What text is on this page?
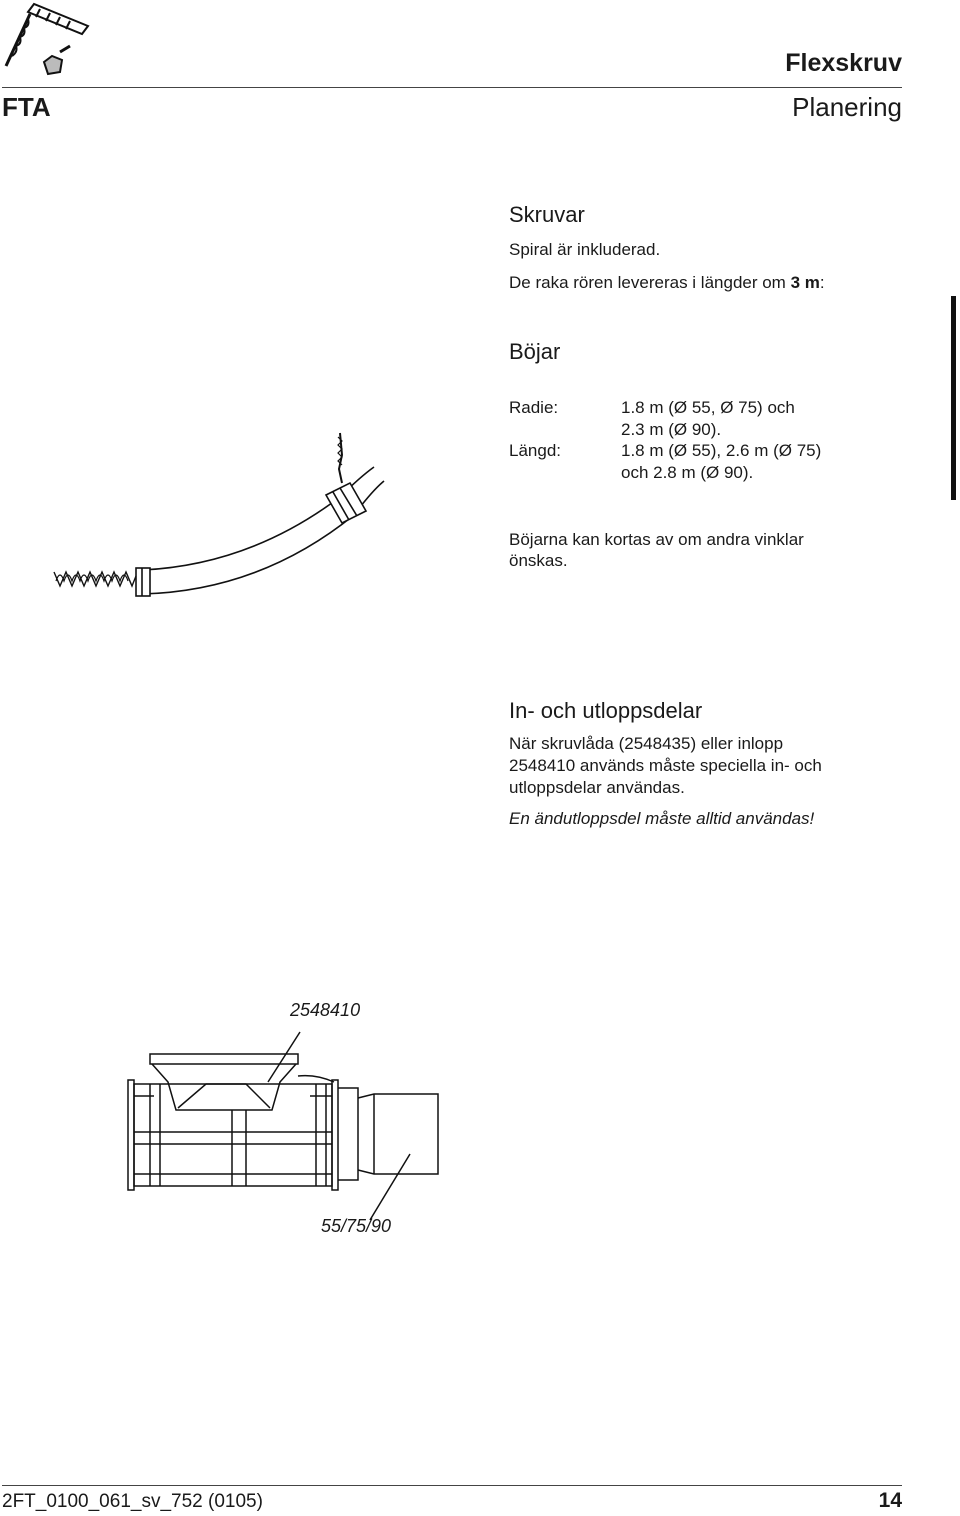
Flexskruv
FTA	Planering
Skruvar

Spiral är inkluderad.

De raka rören levereras i längder om 3 m:

Böjar
Radie:	1.8 m (Ø 55, Ø 75) och
2.3 m (Ø 90).
Längd:	1.8 m (Ø 55), 2.6 m (Ø 75)
och 2.8 m (Ø 90).

Böjarna kan kortas av om andra vinklar

önskas.

In- och utloppsdelar

När skruvlåda (2548435) eller inlopp

2548410 används måste speciella in- och

utloppsdelar användas.

En ändutloppsdel måste alltid användas!

2548410
55/75/90
2FT_0100_061_sv_752 (0105)	14
